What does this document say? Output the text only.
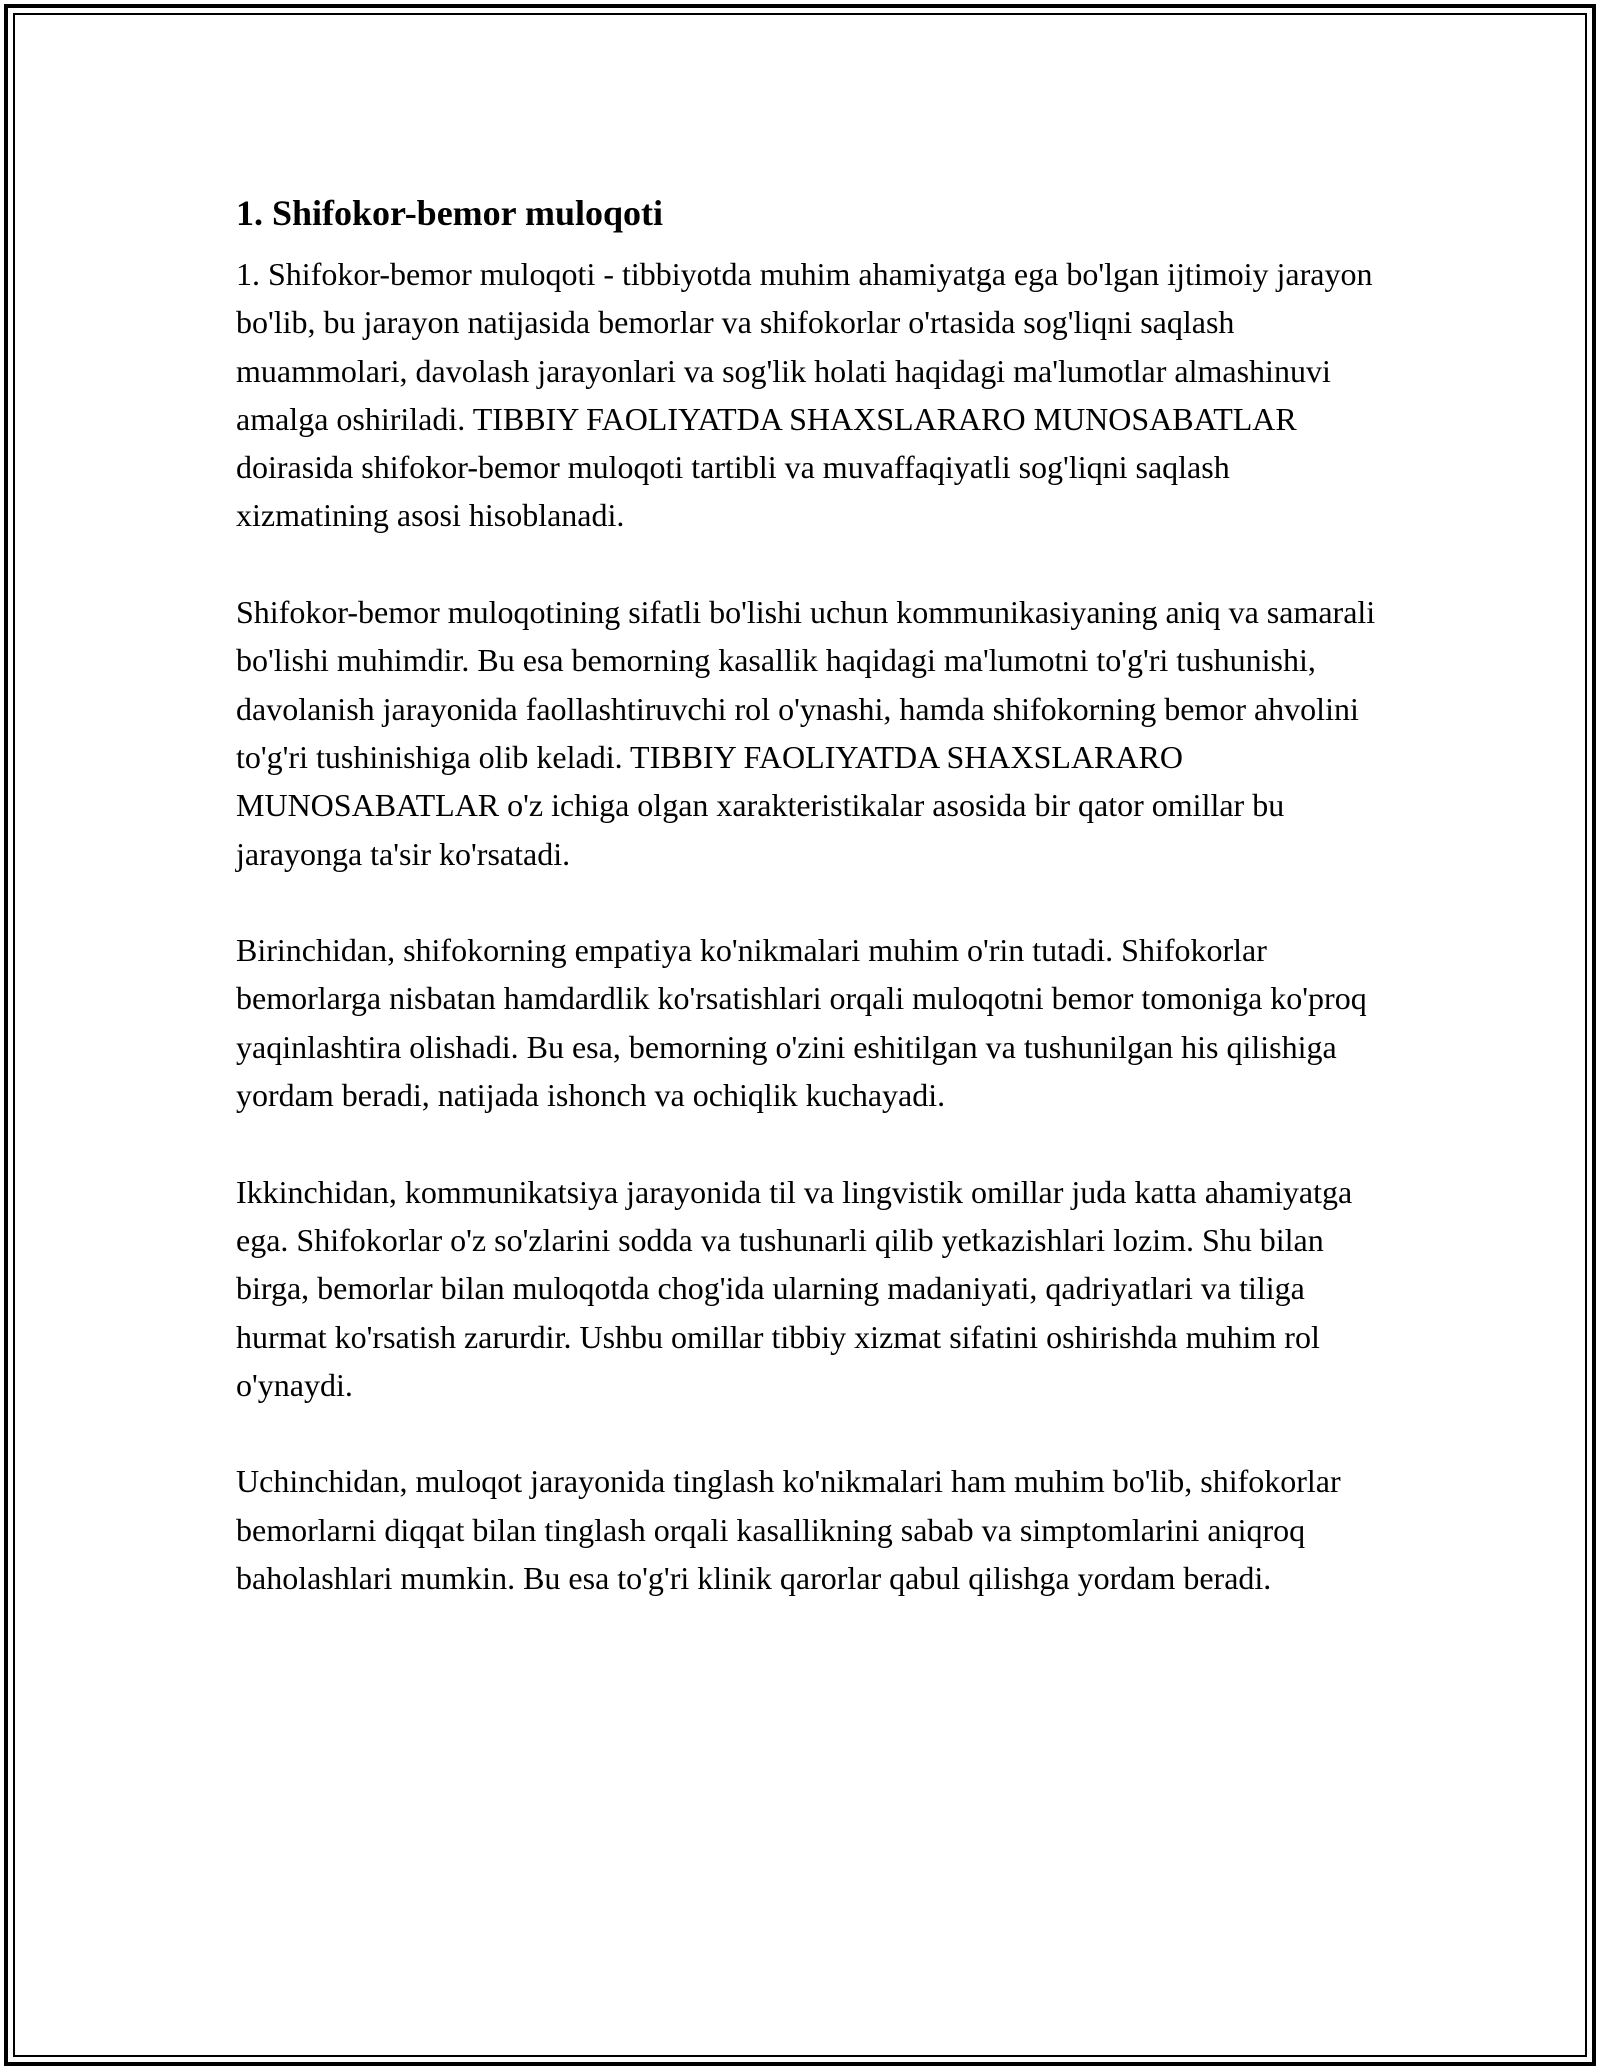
1. Shifokor-bemor muloqoti

1. Shifokor-bemor muloqoti - tibbiyotda muhim ahamiyatga ega bo'lgan ijtimoiy jarayon bo'lib, bu jarayon natijasida bemorlar va shifokorlar o'rtasida sog'liqni saqlash muammolari, davolash jarayonlari va sog'lik holati haqidagi ma'lumotlar almashinuvi amalga oshiriladi. TIBBIY FAOLIYATDA SHAXSLARARO MUNOSABATLAR doirasida shifokor-bemor muloqoti tartibli va muvaffaqiyatli sog'liqni saqlash xizmatining asosi hisoblanadi.

Shifokor-bemor muloqotining sifatli bo'lishi uchun kommunikasiyaning aniq va samarali bo'lishi muhimdir. Bu esa bemorning kasallik haqidagi ma'lumotni to'g'ri tushunishi, davolanish jarayonida faollashtiruvchi rol o'ynashi, hamda shifokorning bemor ahvolini to'g'ri tushinishiga olib keladi. TIBBIY FAOLIYATDA SHAXSLARARO MUNOSABATLAR o'z ichiga olgan xarakteristikalar asosida bir qator omillar bu jarayonga ta'sir ko'rsatadi.

Birinchidan, shifokorning empatiya ko'nikmalari muhim o'rin tutadi. Shifokorlar bemorlarga nisbatan hamdardlik ko'rsatishlari orqali muloqotni bemor tomoniga ko'proq yaqinlashtira olishadi. Bu esa, bemorning o'zini eshitilgan va tushunilgan his qilishiga yordam beradi, natijada ishonch va ochiqlik kuchayadi.

Ikkinchidan, kommunikatsiya jarayonida til va lingvistik omillar juda katta ahamiyatga ega. Shifokorlar o'z so'zlarini sodda va tushunarli qilib yetkazishlari lozim. Shu bilan birga, bemorlar bilan muloqotda chog'ida ularning madaniyati, qadriyatlari va tiliga hurmat ko'rsatish zarurdir. Ushbu omillar tibbiy xizmat sifatini oshirishda muhim rol o'ynaydi.

Uchinchidan, muloqot jarayonida tinglash ko'nikmalari ham muhim bo'lib, shifokorlar bemorlarni diqqat bilan tinglash orqali kasallikning sabab va simptomlarini aniqroq baholashlari mumkin. Bu esa to'g'ri klinik qarorlar qabul qilishga yordam beradi.
